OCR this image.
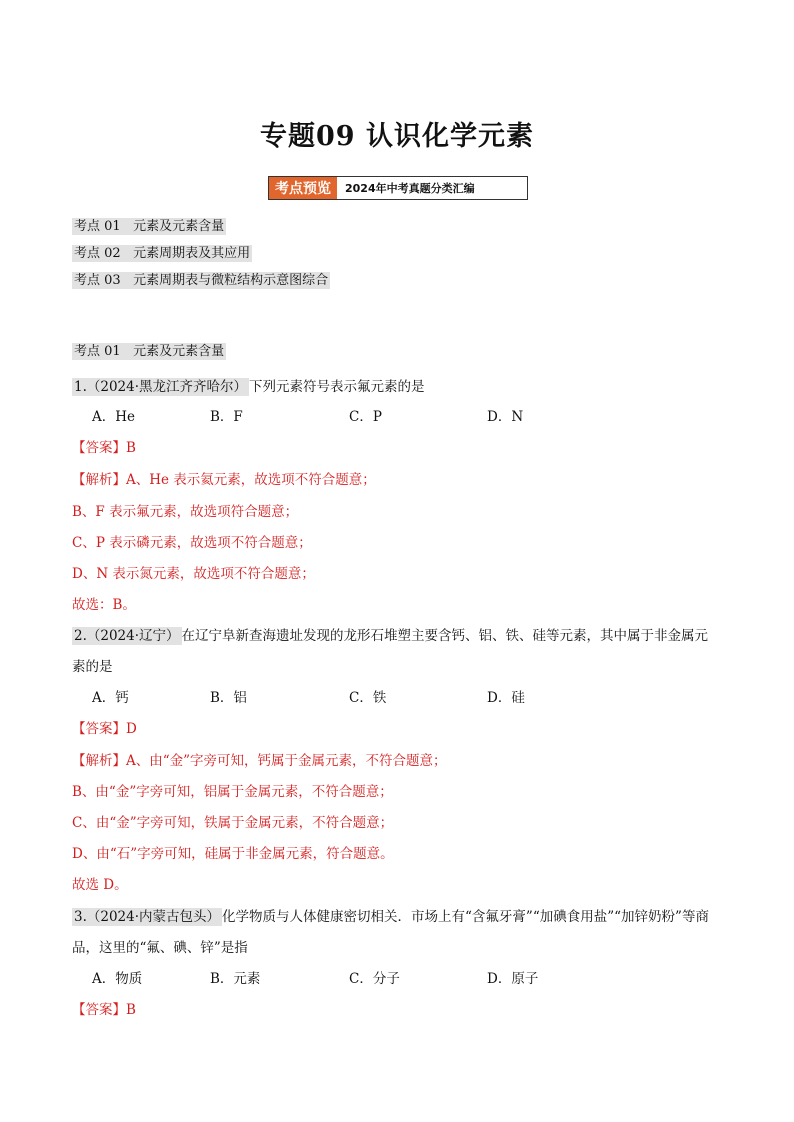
专题09 认识化学元素
考点预览	2024年中考真题分类汇编
考点 01 元素及元素含量
考点 02 元素周期表及其应用
考点 03 元素周期表与微粒结构示意图综合
考点 01 元素及元素含量
1.（2024·黑龙江齐齐哈尔） 下列元素符号表示氟元素的是
A．He	B．F	C．P	D．N
【答案】B
【解析】A、He 表示氦元素，故选项不符合题意；
B、F 表示氟元素，故选项符合题意；
C、P 表示磷元素，故选项不符合题意；
D、N 表示氮元素，故选项不符合题意；
故选：B。
2.（2024·辽宁） 在辽宁阜新查海遗址发现的龙形石堆塑主要含钙、铝、铁、硅等元素，其中属于非金属元
素的是
A．钙	B．铝	C．铁	D．硅
【答案】D
【解析】A、由“金”字旁可知，钙属于金属元素，不符合题意；
B、由“金”字旁可知，铝属于金属元素，不符合题意；
C、由“金”字旁可知，铁属于金属元素，不符合题意；
D、由“石”字旁可知，硅属于非金属元素，符合题意。
故选 D。
3.（2024·内蒙古包头） 化学物质与人体健康密切相关．市场上有“含氟牙膏”“加碘食用盐”“加锌奶粉”等商
品，这里的“氟、碘、锌”是指
A．物质	B．元素	C．分子	D．原子
【答案】B
